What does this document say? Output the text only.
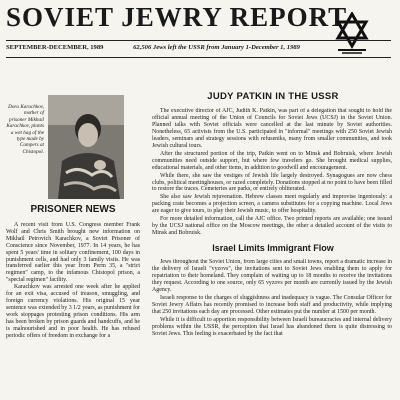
SOVIET JEWRY REPORT
SEPTEMBER-DECEMBER, 1989	62,506 Jews left the USSR from January 1-December 1, 1989
Dora Karachkov, mother of prisoner Mikhail Karachkov, plants a wet bag of the type made by Campers at Chistopol.
PRISONER NEWS

A recent visit from U.S. Congress member Frank Wolf and Chris Smith brought new information on Mikhail Petrovich Karachkov, a Soviet Prisoner of Conscience since November, 1977. In 14 years, he has spent 5 years' time in solitary confinement, 100 days in punishment cells, and had only 3 family visits. He was transferred earlier this year from Perm 35, a "strict regimen" camp, to the infamous Chistopol prison, a "special regimen" facility.

Karachkov was arrested one week after he applied for an exit visa, accused of treason, smuggling, and foreign currency violations. His original 15 year sentence was extended by 3 1/2 years, as punishment for work stoppages protesting prison conditions. His arm has been broken by prison guards and handcuffs, and he is malnourished and in poor health. He has refused periodic offers of freedom in exchange for a

JUDY PATKIN IN THE USSR

The executive director of AJC, Judith K. Patkin, was part of a delegation that sought to hold the official annual meeting of the Union of Councils for Soviet Jews (UCSJ) in the Soviet Union. Planned talks with Soviet officials were cancelled at the last minute by Soviet authorities. Nonetheless, 65 activists from the U.S. participated in "informal" meetings with 250 Soviet Jewish leaders, seminars and strategy sessions with refuseniks, many from smaller communities, and took Jewish cultural tours.

After the structured portion of the trip, Patkin went on to Minsk and Bobruisk, where Jewish communities need outside support, but where few travelers go. She brought medical supplies, educational materials, and other items, in addition to goodwill and encouragement.

While there, she saw the vestiges of Jewish life largely destroyed. Synagogues are now chess clubs, political meetinghouses, or razed completely. Donations stopped at no point to have been filled to restore the traces. Cemeteries are parks, or entirely obliterated.

She also saw Jewish rejuvenation. Hebrew classes meet regularly and improvise ingeniously: a packing crate becomes a projection screen, a camera substitutes for a copying machine. Local Jews are eager to give tours, to play their Jewish music, to offer hospitality.

For more detailed information, call the AJC office. Two printed reports are available; one issued by the UCSJ national office on the Moscow meetings, the other a detailed account of the visits to Minsk and Bobruisk.

Israel Limits Immigrant Flow

Jews throughout the Soviet Union, from large cities and small towns, report a dramatic increase in the delivery of Israeli "vyzovs", the invitations sent to Soviet Jews enabling them to apply for repatriation to their homeland. They complain of waiting up to 18 months to receive the invitations they request. According to one source, only 65 vyzovs per month are currently issued by the Jewish Agency.

Israeli response to the charges of sluggishness and inadequacy is vague. The Consular Officer for Soviet Jewry Affairs has recently promised to increase both staff and productivity, while implying that 250 invitations each day are processed. Other estimates put the number at 1500 per month.

While it is difficult to apportion responsibility between Israeli bureaucracies and internal delivery problems within the USSR, the perception that Israel has abandoned them is quite distressing to Soviet Jews. This feeling is exacerbated by the fact that
